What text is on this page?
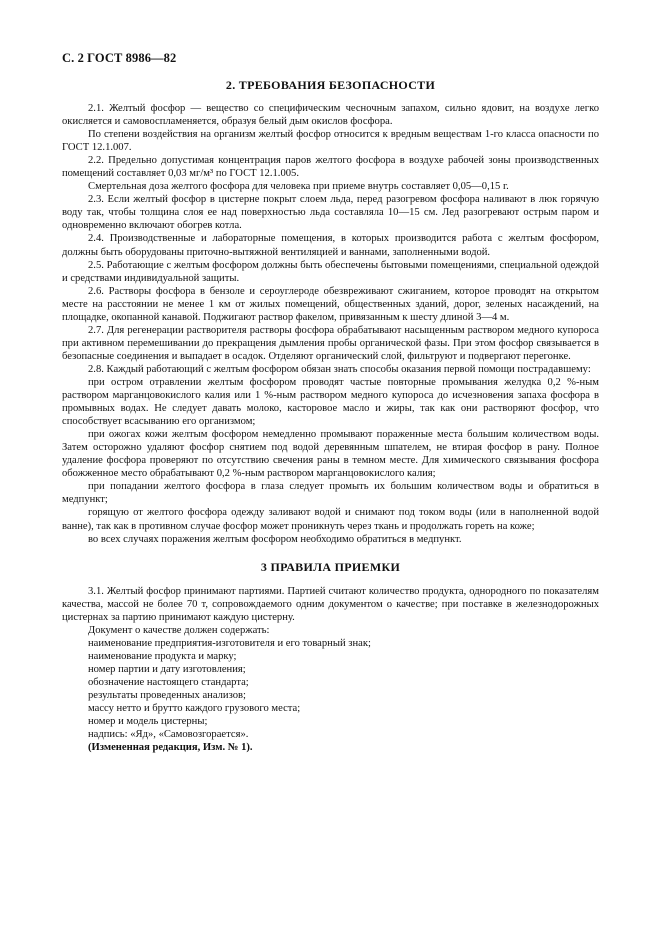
С. 2 ГОСТ 8986—82
2. ТРЕБОВАНИЯ БЕЗОПАСНОСТИ

2.1. Желтый фосфор — вещество со специфическим чесночным запахом, сильно ядовит, на воздухе легко окисляется и самовоспламеняется, образуя белый дым окислов фосфора.

По степени воздействия на организм желтый фосфор относится к вредным веществам 1-го класса опасности по ГОСТ 12.1.007.

2.2. Предельно допустимая концентрация паров желтого фосфора в воздухе рабочей зоны производственных помещений составляет 0,03 мг/м³ по ГОСТ 12.1.005.

Смертельная доза желтого фосфора для человека при приеме внутрь составляет 0,05—0,15 г.

2.3. Если желтый фосфор в цистерне покрыт слоем льда, перед разогревом фосфора наливают в люк горячую воду так, чтобы толщина слоя ее над поверхностью льда составляла 10—15 см. Лед разогревают острым паром и одновременно включают обогрев котла.

2.4. Производственные и лабораторные помещения, в которых производится работа с желтым фосфором, должны быть оборудованы приточно-вытяжной вентиляцией и ваннами, заполненными водой.

2.5. Работающие с желтым фосфором должны быть обеспечены бытовыми помещениями, специальной одеждой и средствами индивидуальной защиты.

2.6. Растворы фосфора в бензоле и сероуглероде обезвреживают сжиганием, которое проводят на открытом месте на расстоянии не менее 1 км от жилых помещений, общественных зданий, дорог, зеленых насаждений, на площадке, окопанной канавой. Поджигают раствор факелом, привязанным к шесту длиной 3—4 м.

2.7. Для регенерации растворителя растворы фосфора обрабатывают насыщенным раствором медного купороса при активном перемешивании до прекращения дымления пробы органической фазы. При этом фосфор связывается в безопасные соединения и выпадает в осадок. Отделяют органический слой, фильтруют и подвергают перегонке.

2.8. Каждый работающий с желтым фосфором обязан знать способы оказания первой помощи пострадавшему:

при остром отравлении желтым фосфором проводят частые повторные промывания желудка 0,2 %-ным раствором марганцовокислого калия или 1 %-ным раствором медного купороса до исчезновения запаха фосфора в промывных водах. Не следует давать молоко, касторовое масло и жиры, так как они растворяют фосфор, что способствует всасыванию его организмом;

при ожогах кожи желтым фосфором немедленно промывают пораженные места большим количеством воды. Затем осторожно удаляют фосфор снятием под водой деревянным шпателем, не втирая фосфор в рану. Полное удаление фосфора проверяют по отсутствию свечения раны в темном месте. Для химического связывания фосфора обожженное место обрабатывают 0,2 %-ным раствором марганцовокислого калия;

при попадании желтого фосфора в глаза следует промыть их большим количеством воды и обратиться в медпункт;

горящую от желтого фосфора одежду заливают водой и снимают под током воды (или в наполненной водой ванне), так как в противном случае фосфор может проникнуть через ткань и продолжать гореть на коже;

во всех случаях поражения желтым фосфором необходимо обратиться в медпункт.

3 ПРАВИЛА ПРИЕМКИ

3.1. Желтый фосфор принимают партиями. Партией считают количество продукта, однородного по показателям качества, массой не более 70 т, сопровождаемого одним документом о качестве; при поставке в железнодорожных цистернах за партию принимают каждую цистерну.

Документ о качестве должен содержать:

наименование предприятия-изготовителя и его товарный знак;

наименование продукта и марку;

номер партии и дату изготовления;

обозначение настоящего стандарта;

результаты проведенных анализов;

массу нетто и брутто каждого грузового места;

номер и модель цистерны;

надпись: «Яд», «Самовозгорается».

(Измененная редакция, Изм. № 1).
